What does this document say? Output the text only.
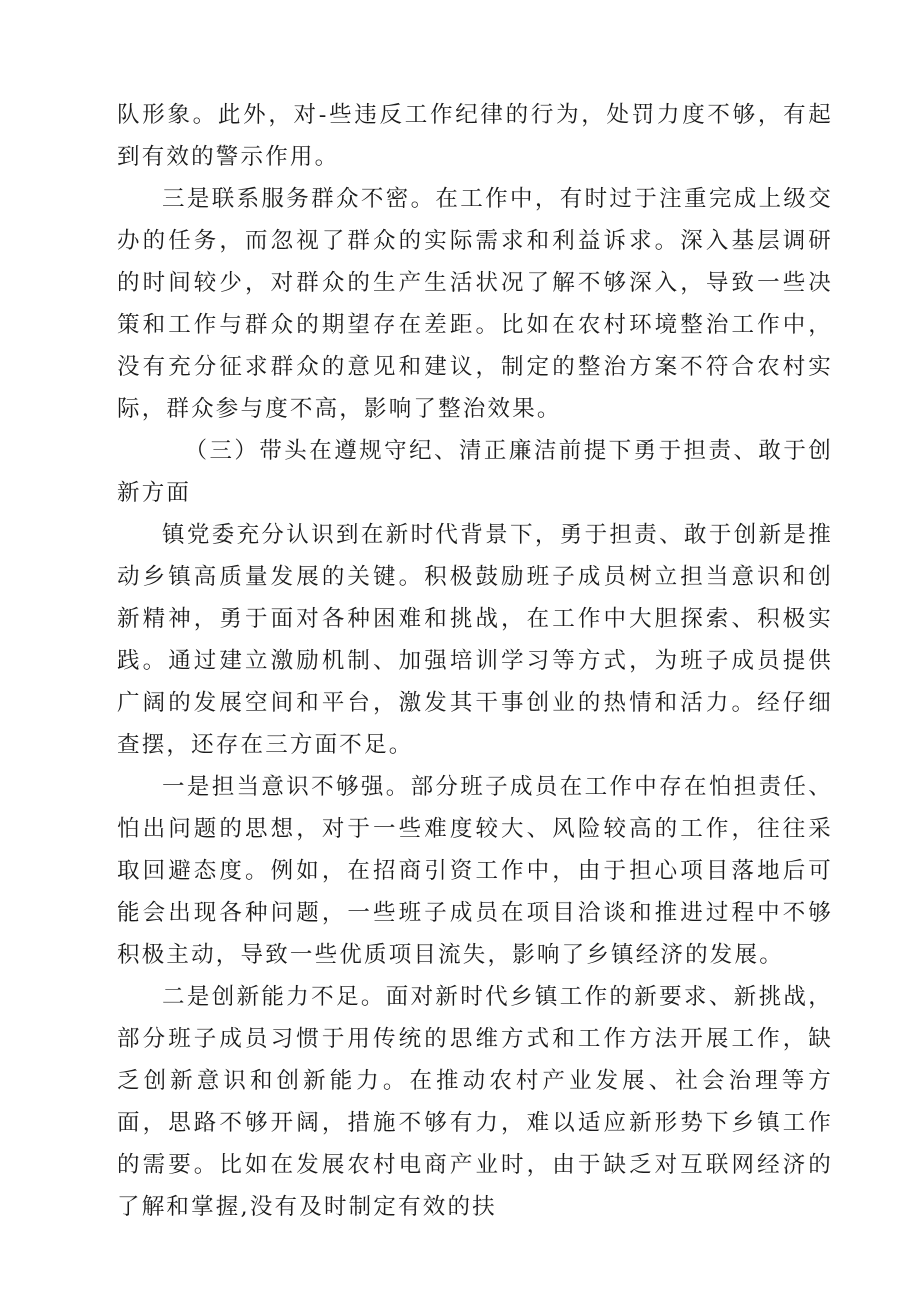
队形象。此外，对-些违反工作纪律的行为，处罚力度不够，有起到有效的警示作用。

三是联系服务群众不密。在工作中，有时过于注重完成上级交办的任务，而忽视了群众的实际需求和利益诉求。深入基层调研的时间较少，对群众的生产生活状况了解不够深入，导致一些决策和工作与群众的期望存在差距。比如在农村环境整治工作中，没有充分征求群众的意见和建议，制定的整治方案不符合农村实际，群众参与度不高，影响了整治效果。

（三）带头在遵规守纪、清正廉洁前提下勇于担责、敢于创新方面

镇党委充分认识到在新时代背景下，勇于担责、敢于创新是推动乡镇高质量发展的关键。积极鼓励班子成员树立担当意识和创新精神，勇于面对各种困难和挑战，在工作中大胆探索、积极实践。通过建立激励机制、加强培训学习等方式，为班子成员提供广阔的发展空间和平台，激发其干事创业的热情和活力。经仔细查摆，还存在三方面不足。

一是担当意识不够强。部分班子成员在工作中存在怕担责任、怕出问题的思想，对于一些难度较大、风险较高的工作，往往采取回避态度。例如，在招商引资工作中，由于担心项目落地后可能会出现各种问题，一些班子成员在项目洽谈和推进过程中不够积极主动，导致一些优质项目流失，影响了乡镇经济的发展。

二是创新能力不足。面对新时代乡镇工作的新要求、新挑战，部分班子成员习惯于用传统的思维方式和工作方法开展工作，缺乏创新意识和创新能力。在推动农村产业发展、社会治理等方面，思路不够开阔，措施不够有力，难以适应新形势下乡镇工作的需要。比如在发展农村电商产业时，由于缺乏对互联网经济的了解和掌握,没有及时制定有效的扶
